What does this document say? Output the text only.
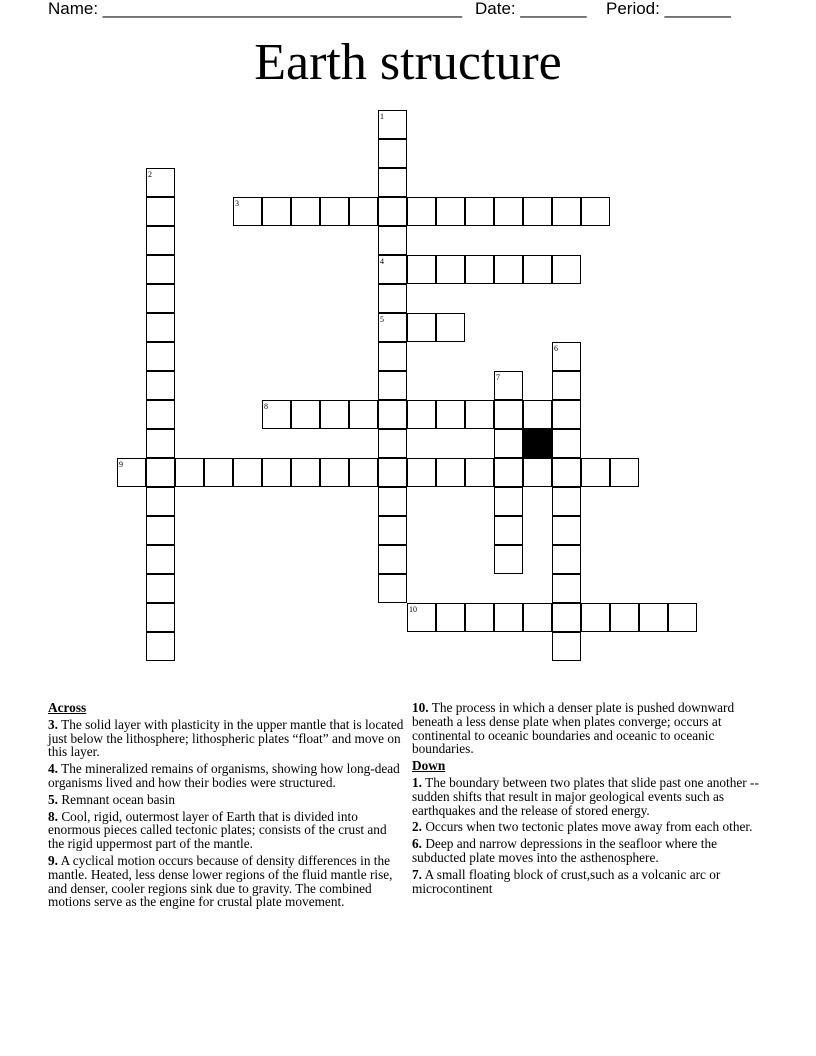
Name: ______________________________________ Date: _______ Period: _______
Earth structure
1
2
3
4
5
6
7
8
9
10
Across
3. The solid layer with plasticity in the upper mantle that is located just below the lithosphere; lithospheric plates “float” and move on this layer.
4. The mineralized remains of organisms, showing how long-dead organisms lived and how their bodies were structured.
5. Remnant ocean basin
8. Cool, rigid, outermost layer of Earth that is divided into enormous pieces called tectonic plates; consists of the crust and the rigid uppermost part of the mantle.
9. A cyclical motion occurs because of density differences in the mantle. Heated, less dense lower regions of the fluid mantle rise, and denser, cooler regions sink due to gravity. The combined motions serve as the engine for crustal plate movement.
10. The process in which a denser plate is pushed downward beneath a less dense plate when plates converge; occurs at continental to oceanic boundaries and oceanic to oceanic boundaries.
Down
1. The boundary between two plates that slide past one another -- sudden shifts that result in major geological events such as earthquakes and the release of stored energy.
2. Occurs when two tectonic plates move away from each other.
6. Deep and narrow depressions in the seafloor where the subducted plate moves into the asthenosphere.
7. A small floating block of crust,such as a volcanic arc or microcontinent
